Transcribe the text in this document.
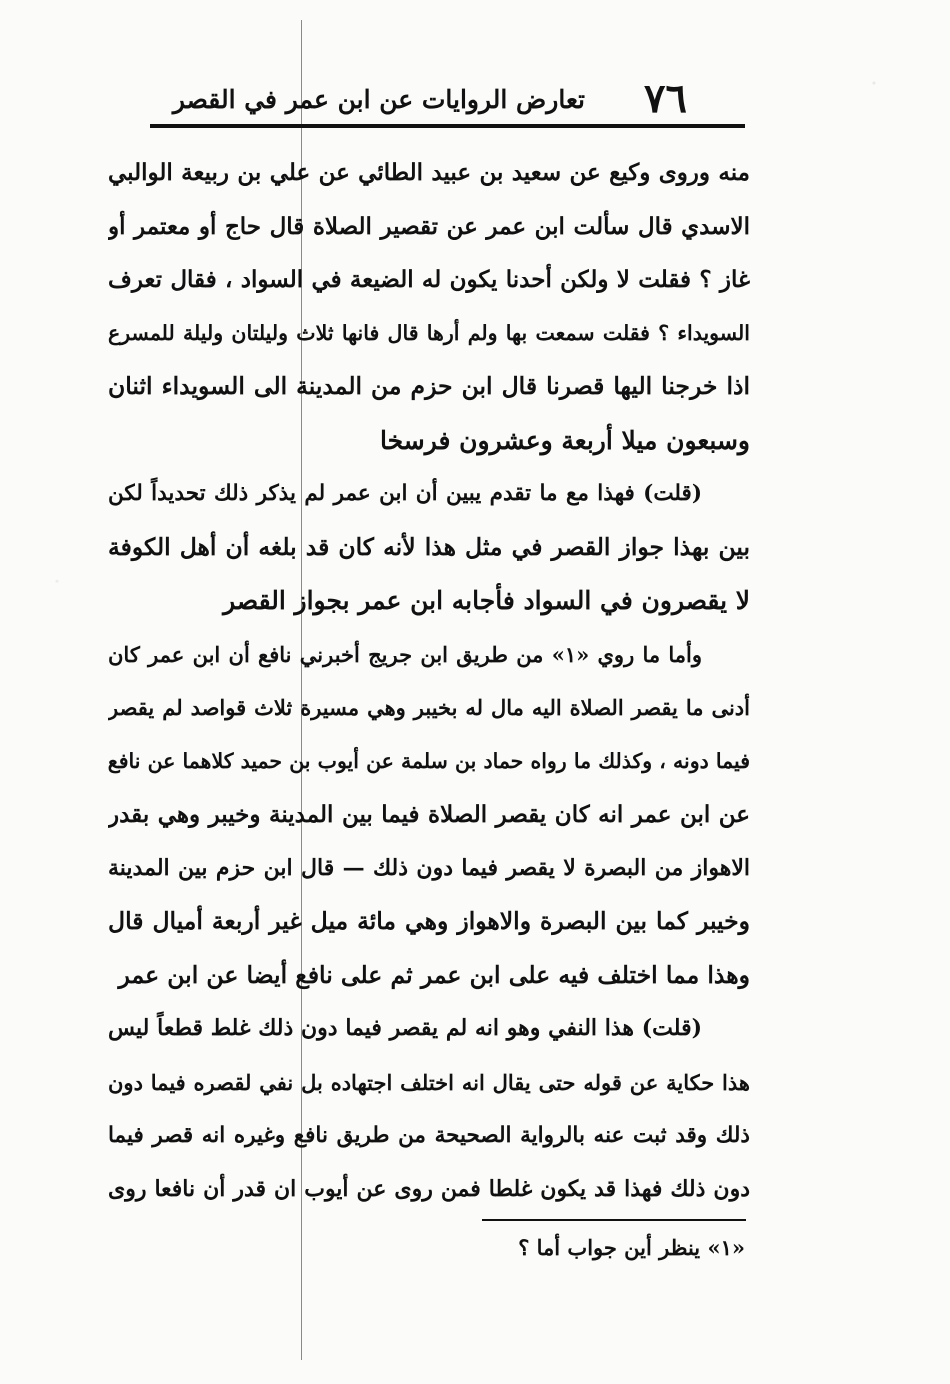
٧٦
تعارض الروايات عن ابن عمر في القصر
منه وروى وكيع عن سعيد بن عبيد الطائي عن علي بن ربيعة الوالبي
الاسدي قال سألت ابن عمر عن تقصير الصلاة قال حاج أو معتمر أو
غاز ؟ فقلت لا ولكن أحدنا يكون له الضيعة في السواد ، فقال تعرف
السويداء ؟ فقلت سمعت بها ولم أرها قال فانها ثلاث وليلتان وليلة للمسرع
اذا خرجنا اليها قصرنا قال ابن حزم من المدينة الى السويداء اثنان
وسبعون ميلا أربعة وعشرون فرسخا
(قلت) فهذا مع ما تقدم يبين أن ابن عمر لم يذكر ذلك تحديداً لكن
بين بهذا جواز القصر في مثل هذا لأنه كان قد بلغه أن أهل الكوفة
لا يقصرون في السواد فأجابه ابن عمر بجواز القصر
وأما ما روي «١» من طريق ابن جريج أخبرني نافع أن ابن عمر كان
أدنى ما يقصر الصلاة اليه مال له بخيبر وهي مسيرة ثلاث قواصد لم يقصر
فيما دونه ، وكذلك ما رواه حماد بن سلمة عن أيوب بن حميد كلاهما عن نافع
عن ابن عمر انه كان يقصر الصلاة فيما بين المدينة وخيبر وهي بقدر
الاهواز من البصرة لا يقصر فيما دون ذلك — قال ابن حزم بين المدينة
وخيبر كما بين البصرة والاهواز وهي مائة ميل غير أربعة أميال قال
وهذا مما اختلف فيه على ابن عمر ثم على نافع أيضا عن ابن عمر
(قلت) هذا النفي وهو انه لم يقصر فيما دون ذلك غلط قطعاً ليس
هذا حكاية عن قوله حتى يقال انه اختلف اجتهاده بل نفي لقصره فيما دون
ذلك وقد ثبت عنه بالرواية الصحيحة من طريق نافع وغيره انه قصر فيما
دون ذلك فهذا قد يكون غلطا فمن روى عن أيوب ان قدر أن نافعا روى
«١» ينظر أين جواب أما ؟
